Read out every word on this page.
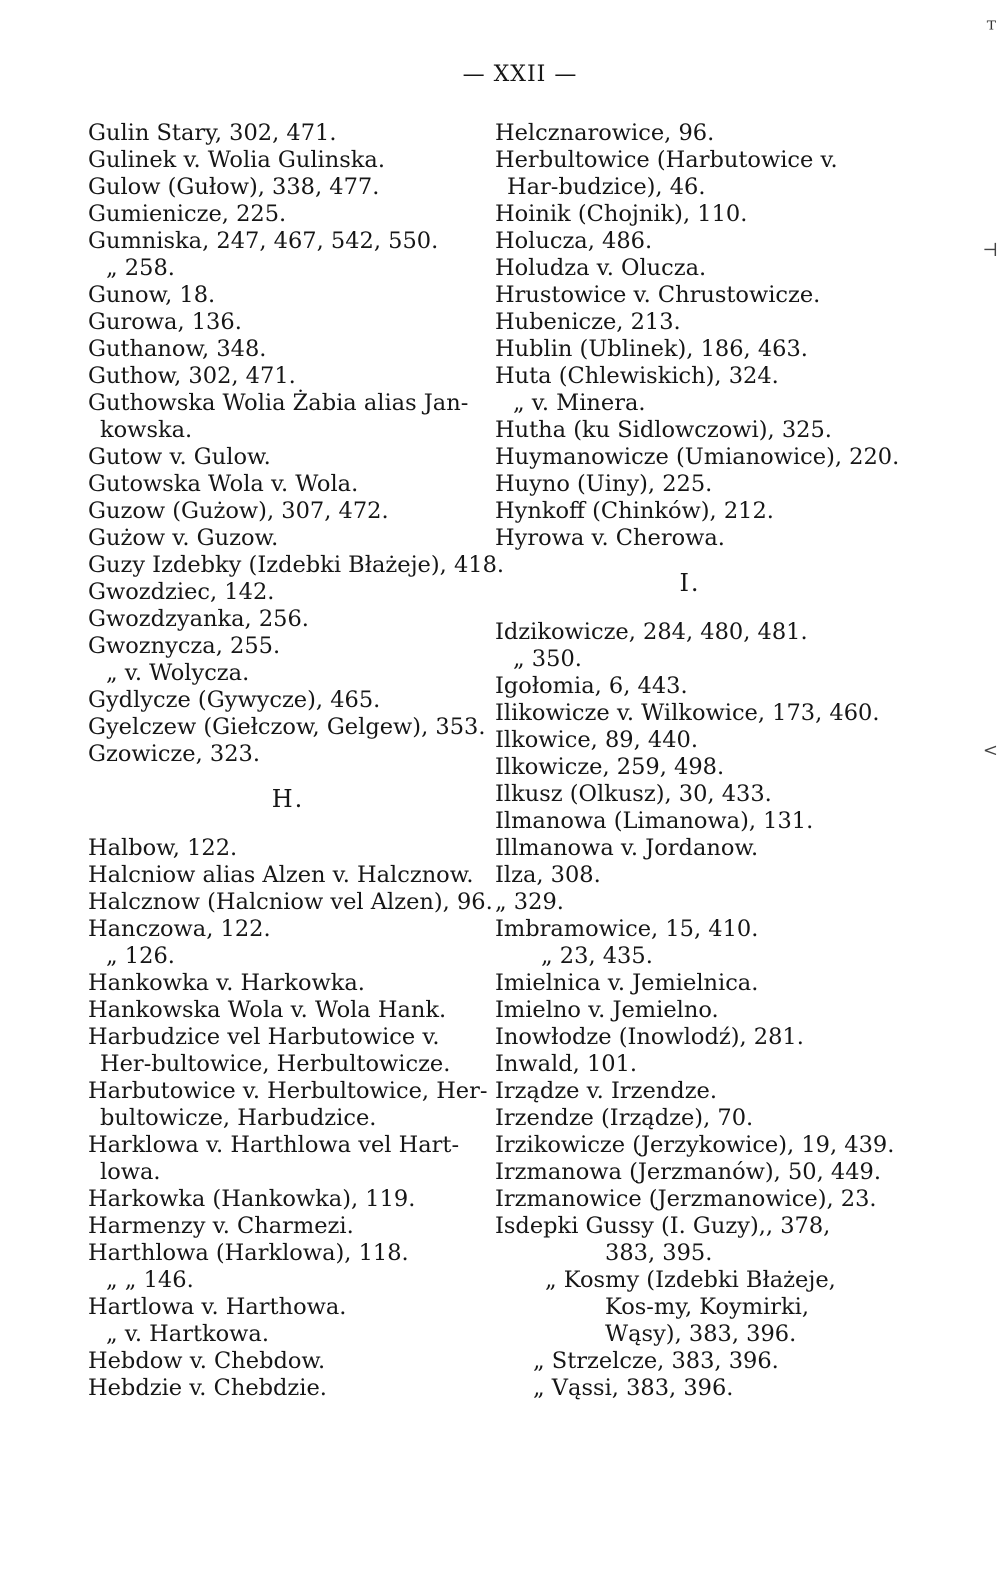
— XXII —
Gulin Stary, 302, 471.
Gulinek v. Wolia Gulinska.
Gulow (Gułow), 338, 477.
Gumienicze, 225.
Gumniska, 247, 467, 542, 550.
„ 258.
Gunow, 18.
Gurowa, 136.
Guthanow, 348.
Guthow, 302, 471.
Guthowska Wolia Żabia alias Jan-kowska.
Gutow v. Gulow.
Gutowska Wola v. Wola.
Guzow (Gużow), 307, 472.
Gużow v. Guzow.
Guzy Izdebky (Izdebki Błażeje), 418.
Gwozdziec, 142.
Gwozdzyanka, 256.
Gwoznycza, 255.
„ v. Wolycza.
Gydlycze (Gywycze), 465.
Gyelczew (Giełczow, Gelgew), 353.
Gzowicze, 323.
H.
Halbow, 122.
Halcniow alias Alzen v. Halcznow.
Halcznow (Halcniow vel Alzen), 96.
Hanczowa, 122.
„ 126.
Hankowka v. Harkowka.
Hankowska Wola v. Wola Hank.
Harbudzice vel Harbutowice v. Her-bultowice, Herbultowicze.
Harbutowice v. Herbultowice, Her-bultowicze, Harbudzice.
Harklowa v. Harthlowa vel Hart-lowa.
Harkowka (Hankowka), 119.
Harmenzy v. Charmezi.
Harthlowa (Harklowa), 118.
„ „ 146.
Hartlowa v. Harthowa.
„ v. Hartkowa.
Hebdow v. Chebdow.
Hebdzie v. Chebdzie.
Helcznarowice, 96.
Herbultowice (Harbutowice v. Har-budzice), 46.
Hoinik (Chojnik), 110.
Holucza, 486.
Holudza v. Olucza.
Hrustowice v. Chrustowicze.
Hubenicze, 213.
Hublin (Ublinek), 186, 463.
Huta (Chlewiskich), 324.
„ v. Minera.
Hutha (ku Sidlowczowi), 325.
Huymanowicze (Umianowice), 220.
Huyno (Uiny), 225.
Hynkoff (Chinków), 212.
Hyrowa v. Cherowa.
I.
Idzikowicze, 284, 480, 481.
„ 350.
Igołomia, 6, 443.
Ilikowicze v. Wilkowice, 173, 460.
Ilkowice, 89, 440.
Ilkowicze, 259, 498.
Ilkusz (Olkusz), 30, 433.
Ilmanowa (Limanowa), 131.
Illmanowa v. Jordanow.
Ilza, 308.
„ 329.
Imbramowice, 15, 410.
„ 23, 435.
Imielnica v. Jemielnica.
Imielno v. Jemielno.
Inowłodze (Inowlodź), 281.
Inwald, 101.
Irządze v. Irzendze.
Irzendze (Irządze), 70.
Irzikowicze (Jerzykowice), 19, 439.
Irzmanowa (Jerzmanów), 50, 449.
Irzmanowice (Jerzmanowice), 23.
Isdepki Gussy (I. Guzy),, 378, 383, 395.
„ Kosmy (Izdebki Błażeje, Kos-my, Koymirki, Wąsy), 383, 396.
„ Strzelcze, 383, 396.
„ Vąssi, 383, 396.
ᵀ
⊣
<
